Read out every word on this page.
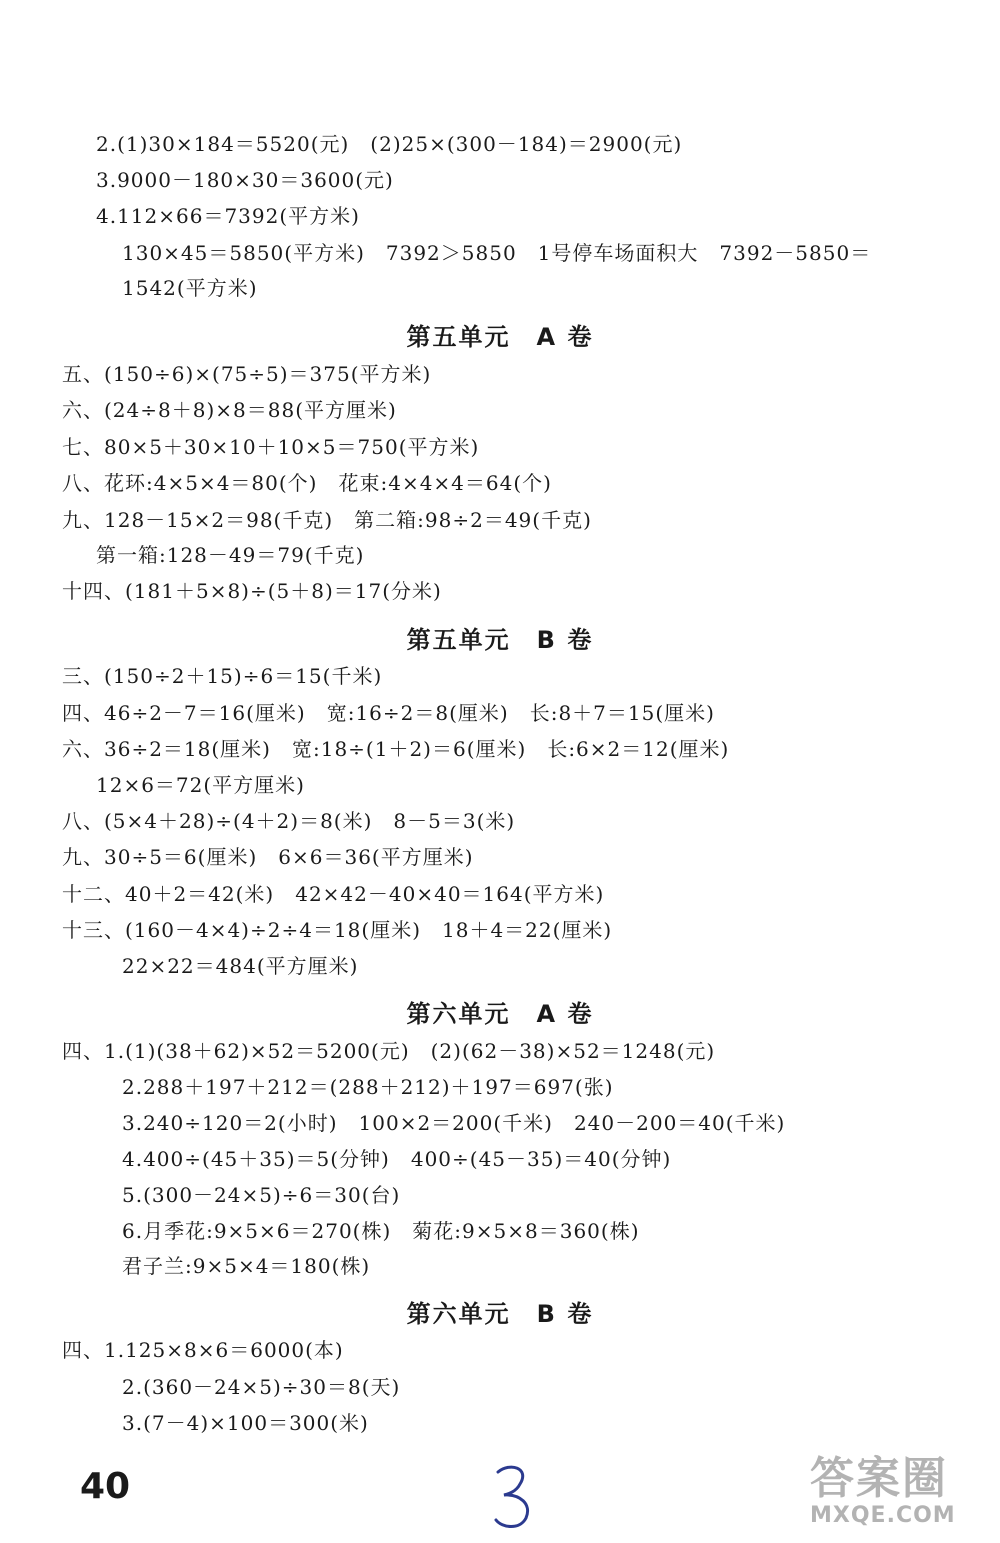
2.(1)30×184＝5520(元)　(2)25×(300－184)＝2900(元)
3.9000－180×30＝3600(元)
4.112×66＝7392(平方米)
130×45＝5850(平方米)　7392＞5850　1号停车场面积大　7392－5850＝
1542(平方米)
第五单元　A 卷
五、(150÷6)×(75÷5)＝375(平方米)
六、(24÷8＋8)×8＝88(平方厘米)
七、80×5＋30×10＋10×5＝750(平方米)
八、花环:4×5×4＝80(个)　花束:4×4×4＝64(个)
九、128－15×2＝98(千克)　第二箱:98÷2＝49(千克)
第一箱:128－49＝79(千克)
十四、(181＋5×8)÷(5＋8)＝17(分米)
第五单元　B 卷
三、(150÷2＋15)÷6＝15(千米)
四、46÷2－7＝16(厘米)　宽:16÷2＝8(厘米)　长:8＋7＝15(厘米)
六、36÷2＝18(厘米)　宽:18÷(1＋2)＝6(厘米)　长:6×2＝12(厘米)
12×6＝72(平方厘米)
八、(5×4＋28)÷(4＋2)＝8(米)　8－5＝3(米)
九、30÷5＝6(厘米)　6×6＝36(平方厘米)
十二、40＋2＝42(米)　42×42－40×40＝164(平方米)
十三、(160－4×4)÷2÷4＝18(厘米)　18＋4＝22(厘米)
22×22＝484(平方厘米)
第六单元　A 卷
四、1.(1)(38＋62)×52＝5200(元)　(2)(62－38)×52＝1248(元)
2.288＋197＋212＝(288＋212)＋197＝697(张)
3.240÷120＝2(小时)　100×2＝200(千米)　240－200＝40(千米)
4.400÷(45＋35)＝5(分钟)　400÷(45－35)＝40(分钟)
5.(300－24×5)÷6＝30(台)
6.月季花:9×5×6＝270(株)　菊花:9×5×8＝360(株)
君子兰:9×5×4＝180(株)
第六单元　B 卷
四、1.125×8×6＝6000(本)
2.(360－24×5)÷30＝8(天)
3.(7－4)×100＝300(米)
40	答案圈
MXQE.COM
